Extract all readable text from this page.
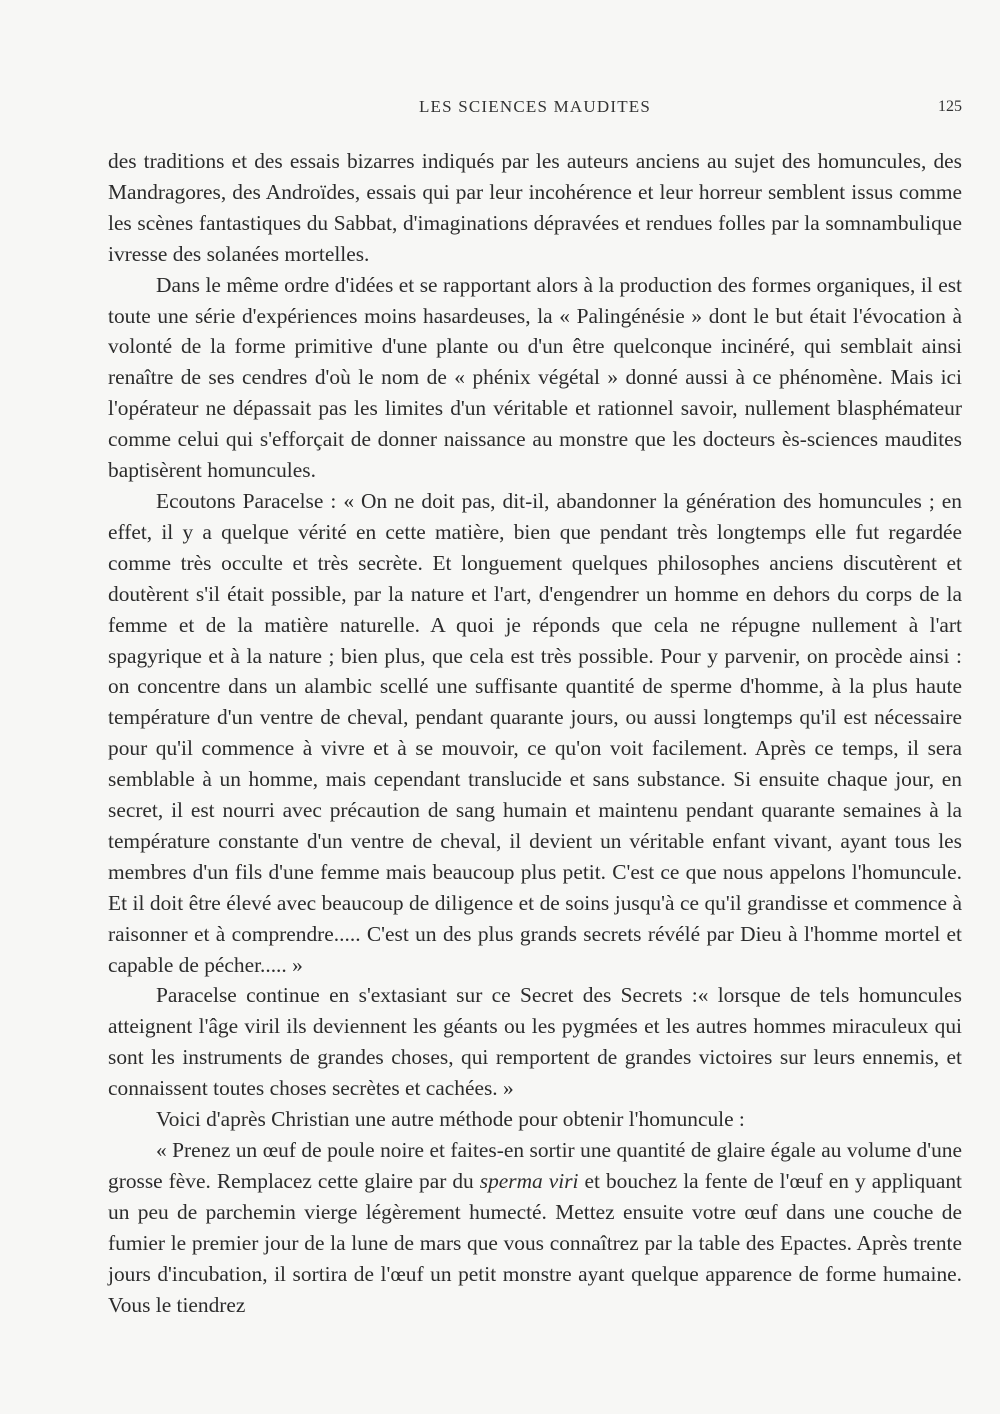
LES SCIENCES MAUDITES	125

des traditions et des essais bizarres indiqués par les auteurs anciens au sujet des homuncules, des Mandragores, des Androïdes, essais qui par leur incohérence et leur horreur semblent issus comme les scènes fantastiques du Sabbat, d'imaginations dépravées et rendues folles par la somnambulique ivresse des solanées mortelles.

Dans le même ordre d'idées et se rapportant alors à la production des formes organiques, il est toute une série d'expériences moins hasardeuses, la « Palingénésie » dont le but était l'évocation à volonté de la forme primitive d'une plante ou d'un être quelconque incinéré, qui semblait ainsi renaître de ses cendres d'où le nom de « phénix végétal » donné aussi à ce phénomène. Mais ici l'opérateur ne dépassait pas les limites d'un véritable et rationnel savoir, nullement blasphémateur comme celui qui s'efforçait de donner naissance au monstre que les docteurs ès-sciences maudites baptisèrent homuncules.

Ecoutons Paracelse : « On ne doit pas, dit-il, abandonner la génération des homuncules ; en effet, il y a quelque vérité en cette matière, bien que pendant très longtemps elle fut regardée comme très occulte et très secrète. Et longuement quelques philosophes anciens discutèrent et doutèrent s'il était possible, par la nature et l'art, d'engendrer un homme en dehors du corps de la femme et de la matière naturelle. A quoi je réponds que cela ne répugne nullement à l'art spagyrique et à la nature ; bien plus, que cela est très possible. Pour y parvenir, on procède ainsi : on concentre dans un alambic scellé une suffisante quantité de sperme d'homme, à la plus haute température d'un ventre de cheval, pendant quarante jours, ou aussi longtemps qu'il est nécessaire pour qu'il commence à vivre et à se mouvoir, ce qu'on voit facilement. Après ce temps, il sera semblable à un homme, mais cependant translucide et sans substance. Si ensuite chaque jour, en secret, il est nourri avec précaution de sang humain et maintenu pendant quarante semaines à la température constante d'un ventre de cheval, il devient un véritable enfant vivant, ayant tous les membres d'un fils d'une femme mais beaucoup plus petit. C'est ce que nous appelons l'homuncule. Et il doit être élevé avec beaucoup de diligence et de soins jusqu'à ce qu'il grandisse et commence à raisonner et à comprendre..... C'est un des plus grands secrets révélé par Dieu à l'homme mortel et capable de pécher..... »

Paracelse continue en s'extasiant sur ce Secret des Secrets :« lorsque de tels homuncules atteignent l'âge viril ils deviennent les géants ou les pygmées et les autres hommes miraculeux qui sont les instruments de grandes choses, qui remportent de grandes victoires sur leurs ennemis, et connaissent toutes choses secrètes et cachées. »

Voici d'après Christian une autre méthode pour obtenir l'homuncule :

« Prenez un œuf de poule noire et faites-en sortir une quantité de glaire égale au volume d'une grosse fève. Remplacez cette glaire par du sperma viri et bouchez la fente de l'œuf en y appliquant un peu de parchemin vierge légèrement humecté. Mettez ensuite votre œuf dans une couche de fumier le premier jour de la lune de mars que vous connaîtrez par la table des Epactes. Après trente jours d'incubation, il sortira de l'œuf un petit monstre ayant quelque apparence de forme humaine. Vous le tiendrez
